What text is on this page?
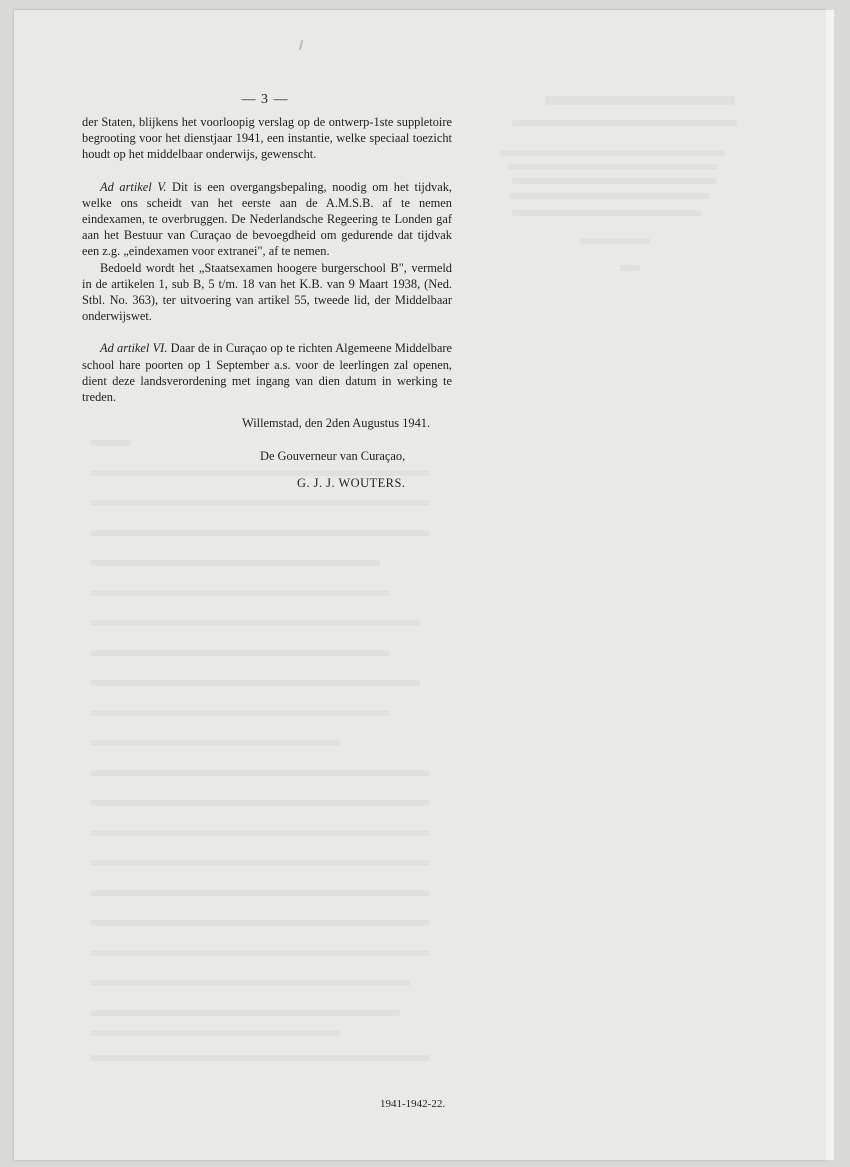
— 3 —

der Staten, blijkens het voorloopig verslag op de ontwerp-1ste suppletoire begrooting voor het dienstjaar 1941, een instantie, welke speciaal toezicht houdt op het middelbaar onderwijs, gewenscht.

Ad artikel V. Dit is een overgangsbepaling, noodig om het tijdvak, welke ons scheidt van het eerste aan de A.M.S.B. af te nemen eindexamen, te overbruggen. De Nederlandsche Regeering te Londen gaf aan het Bestuur van Curaçao de bevoegdheid om gedurende dat tijdvak een z.g. „eindexamen voor extranei", af te nemen.

Bedoeld wordt het „Staatsexamen hoogere burgerschool B", vermeld in de artikelen 1, sub B, 5 t/m. 18 van het K.B. van 9 Maart 1938, (Ned. Stbl. No. 363), ter uitvoering van artikel 55, tweede lid, der Middelbaar onderwijswet.

Ad artikel VI. Daar de in Curaçao op te richten Algemeene Middelbare school hare poorten op 1 September a.s. voor de leerlingen zal openen, dient deze landsverordening met ingang van dien datum in werking te treden.

Willemstad, den 2den Augustus 1941.
De Gouverneur van Curaçao,
G. J. J. WOUTERS.
1941-1942-22.
